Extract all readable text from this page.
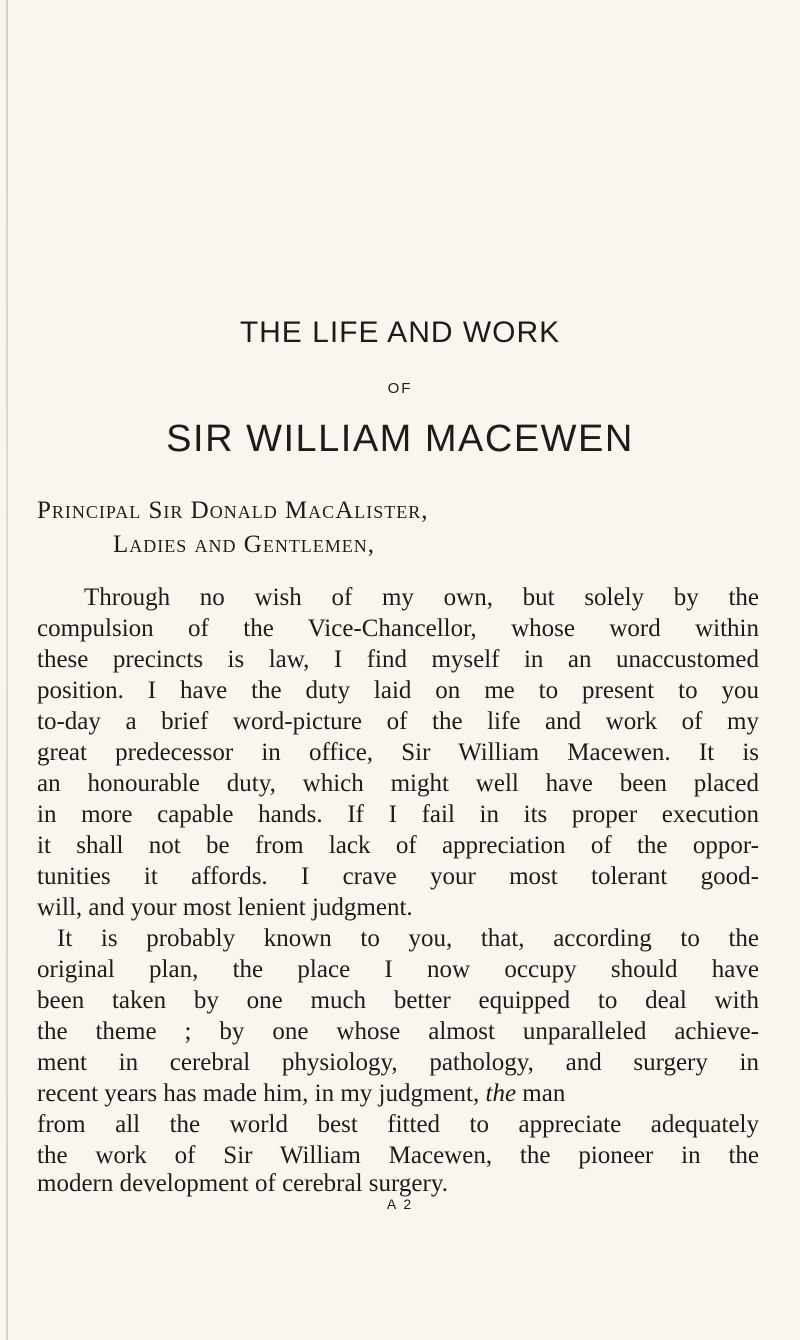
THE LIFE AND WORK
OF
SIR WILLIAM MACEWEN
Principal Sir Donald MacAlister,
Ladies and Gentlemen,
Through no wish of my own, but solely by the
compulsion of the Vice-Chancellor, whose word within
these precincts is law, I find myself in an unaccustomed
position. I have the duty laid on me to present to you
to-day a brief word-picture of the life and work of my
great predecessor in office, Sir William Macewen. It is
an honourable duty, which might well have been placed
in more capable hands. If I fail in its proper execution
it shall not be from lack of appreciation of the oppor-
tunities it affords. I crave your most tolerant good-
will, and your most lenient judgment.
It is probably known to you, that, according to the
original plan, the place I now occupy should have
been taken by one much better equipped to deal with
the theme ; by one whose almost unparalleled achieve-
ment in cerebral physiology, pathology, and surgery in
recent years has made him, in my judgment, the man
from all the world best fitted to appreciate adequately
the work of Sir William Macewen, the pioneer in the
modern development of cerebral surgery.
A 2
